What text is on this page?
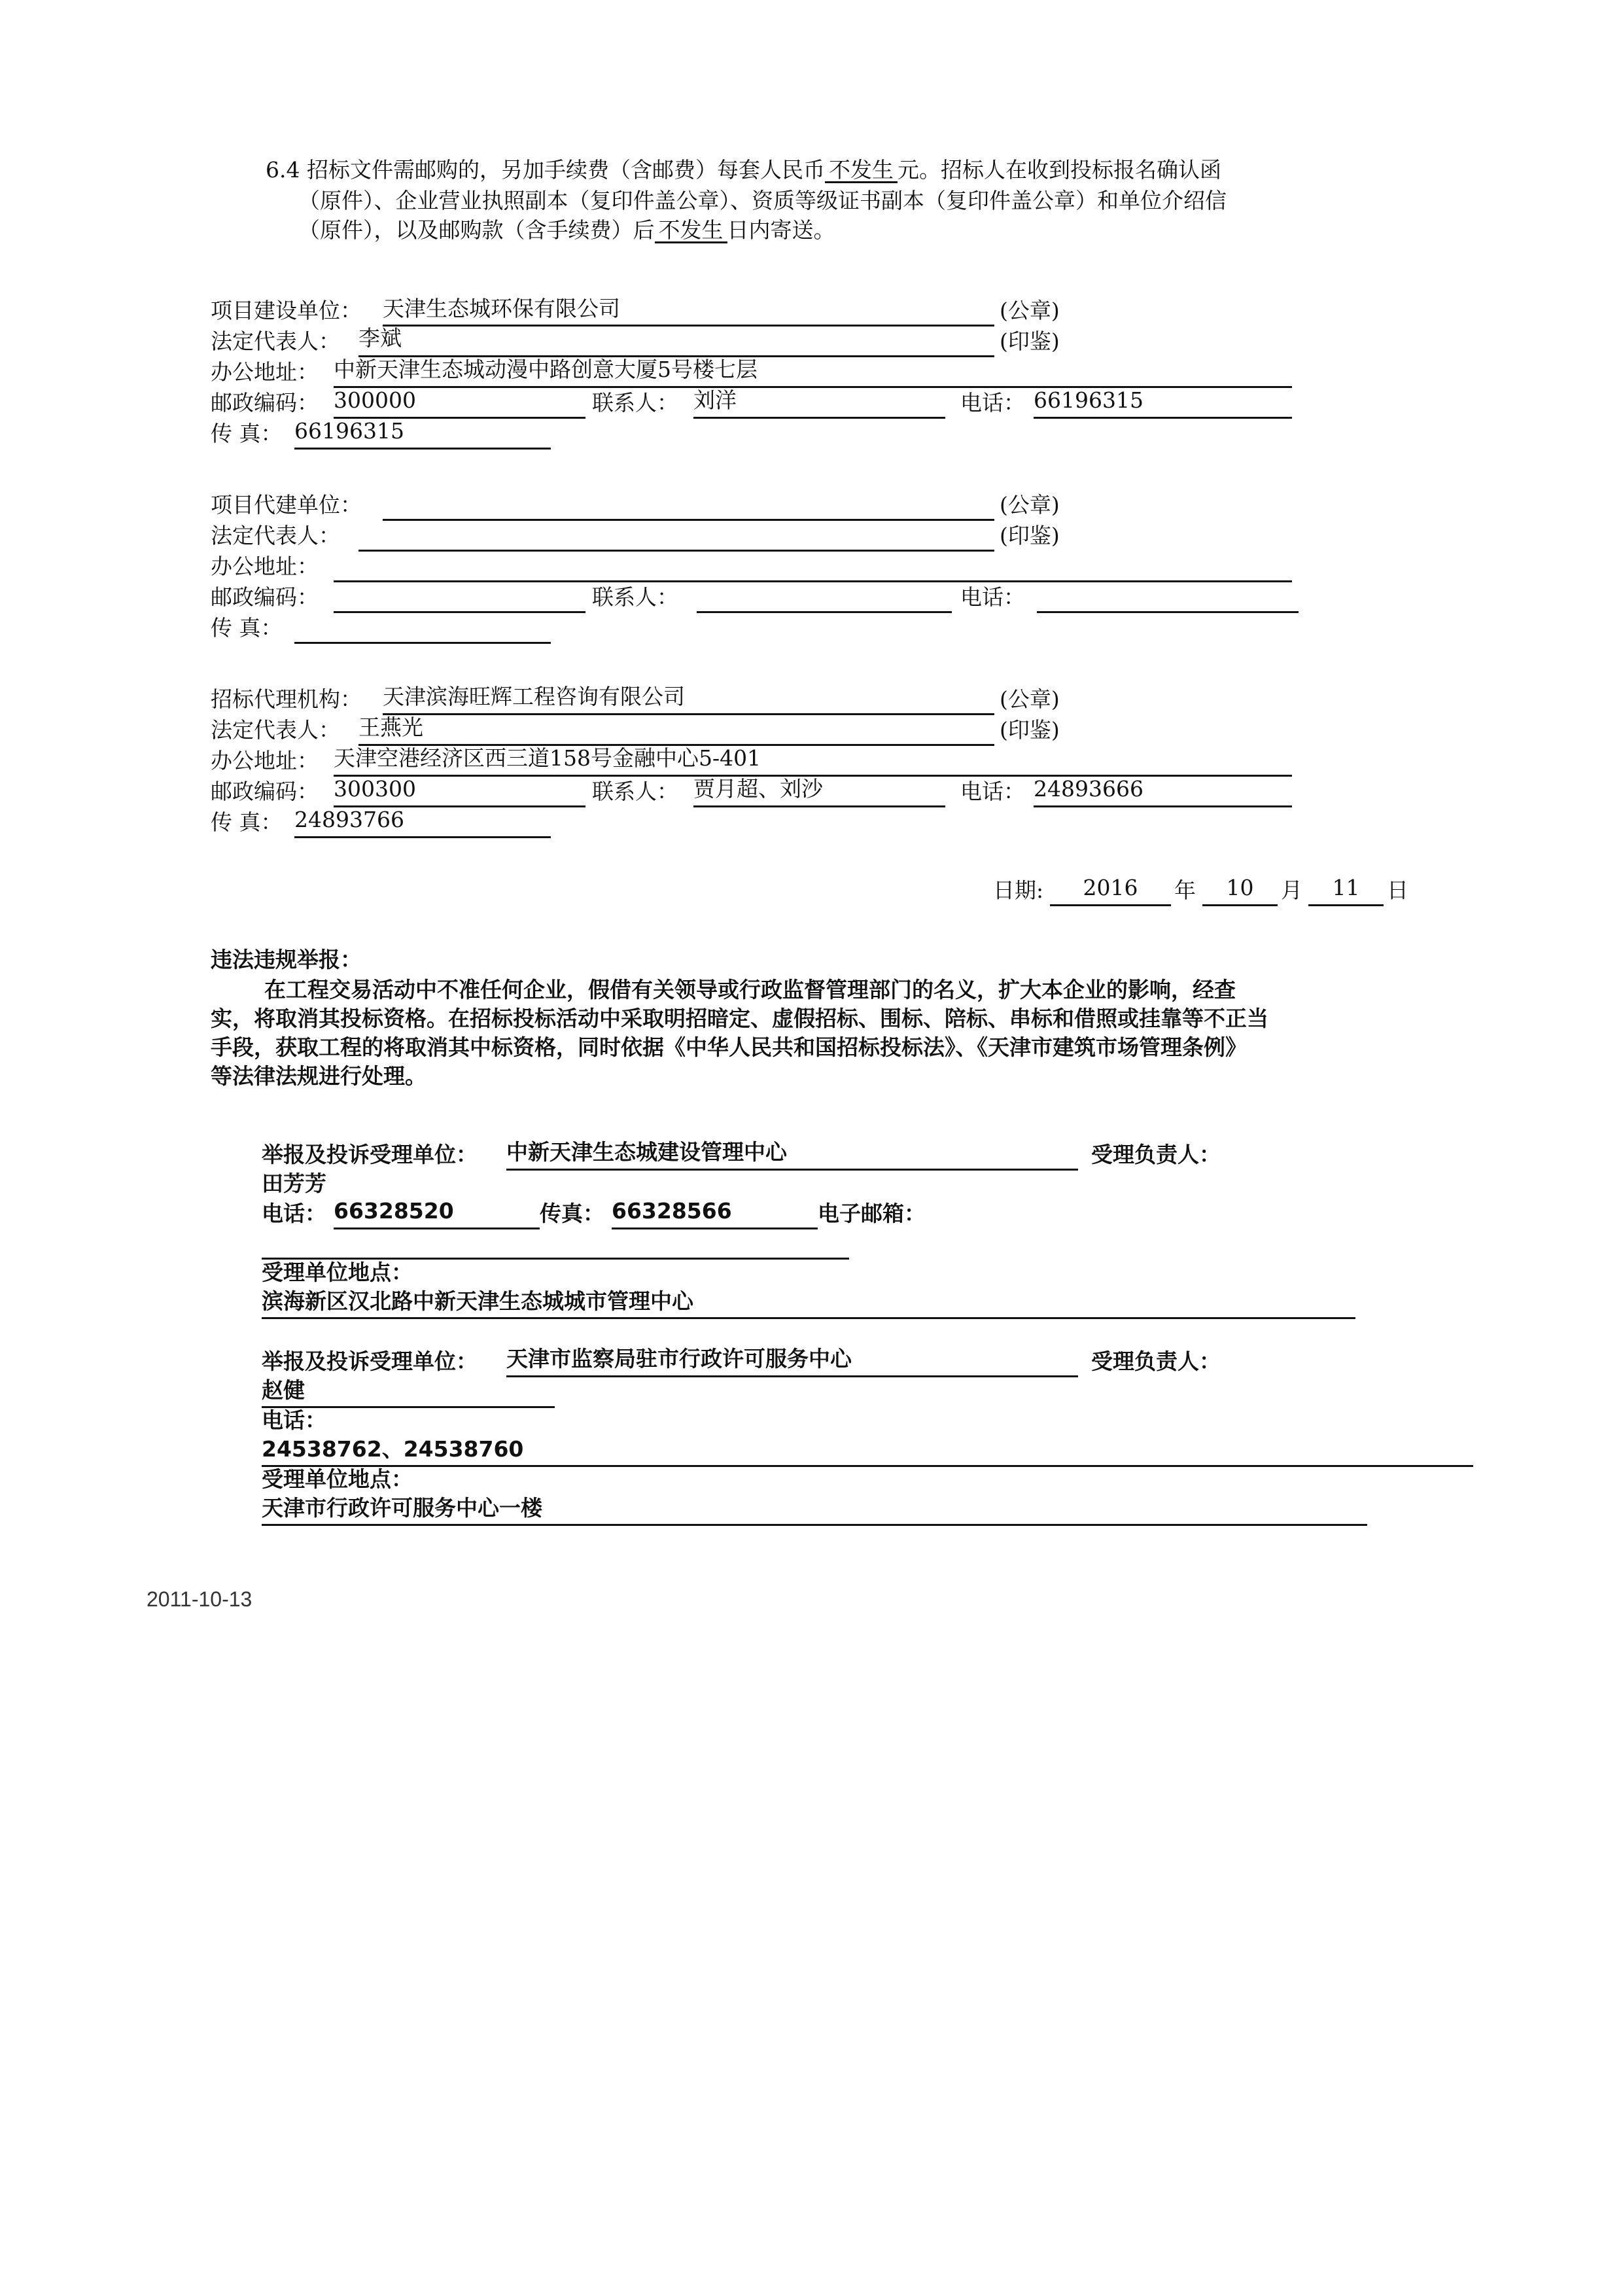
6.4 招标文件需邮购的，另加手续费（含邮费）每套人民币 不发生 元。招标人在收到投标报名确认函
（原件）、企业营业执照副本（复印件盖公章）、资质等级证书副本（复印件盖公章）和单位介绍信
（原件），以及邮购款（含手续费）后 不发生 日内寄送。
项目建设单位： 天津生态城环保有限公司	(公章)
法定代表人： 李斌	(印鉴)
办公地址： 中新天津生态城动漫中路创意大厦5号楼七层
邮政编码： 300000	联系人： 刘洋	电话： 66196315
传 真： 66196315
项目代建单位：	(公章)
法定代表人：	(印鉴)
办公地址：
邮政编码：	联系人：	电话：
传 真：
招标代理机构： 天津滨海旺辉工程咨询有限公司	(公章)
法定代表人： 王燕光	(印鉴)
办公地址： 天津空港经济区西三道158号金融中心5-401
邮政编码： 300300	联系人： 贾月超、刘沙	电话： 24893666
传 真： 24893766
日期:	2016	年	10	月	11	日
违法违规举报：
在工程交易活动中不准任何企业，假借有关领导或行政监督管理部门的名义，扩大本企业的影响，经查
实，将取消其投标资格。在招标投标活动中采取明招暗定、虚假招标、围标、陪标、串标和借照或挂靠等不正当
手段，获取工程的将取消其中标资格，同时依据《中华人民共和国招标投标法》、《天津市建筑市场管理条例》
等法律法规进行处理。
举报及投诉受理单位： 中新天津生态城建设管理中心	受理负责人：
田芳芳
电话： 66328520	传真： 66328566	电子邮箱：
受理单位地点：
滨海新区汉北路中新天津生态城城市管理中心
举报及投诉受理单位： 天津市监察局驻市行政许可服务中心	受理负责人：
赵健
电话：
24538762、24538760
受理单位地点：
天津市行政许可服务中心一楼
2011-10-13
